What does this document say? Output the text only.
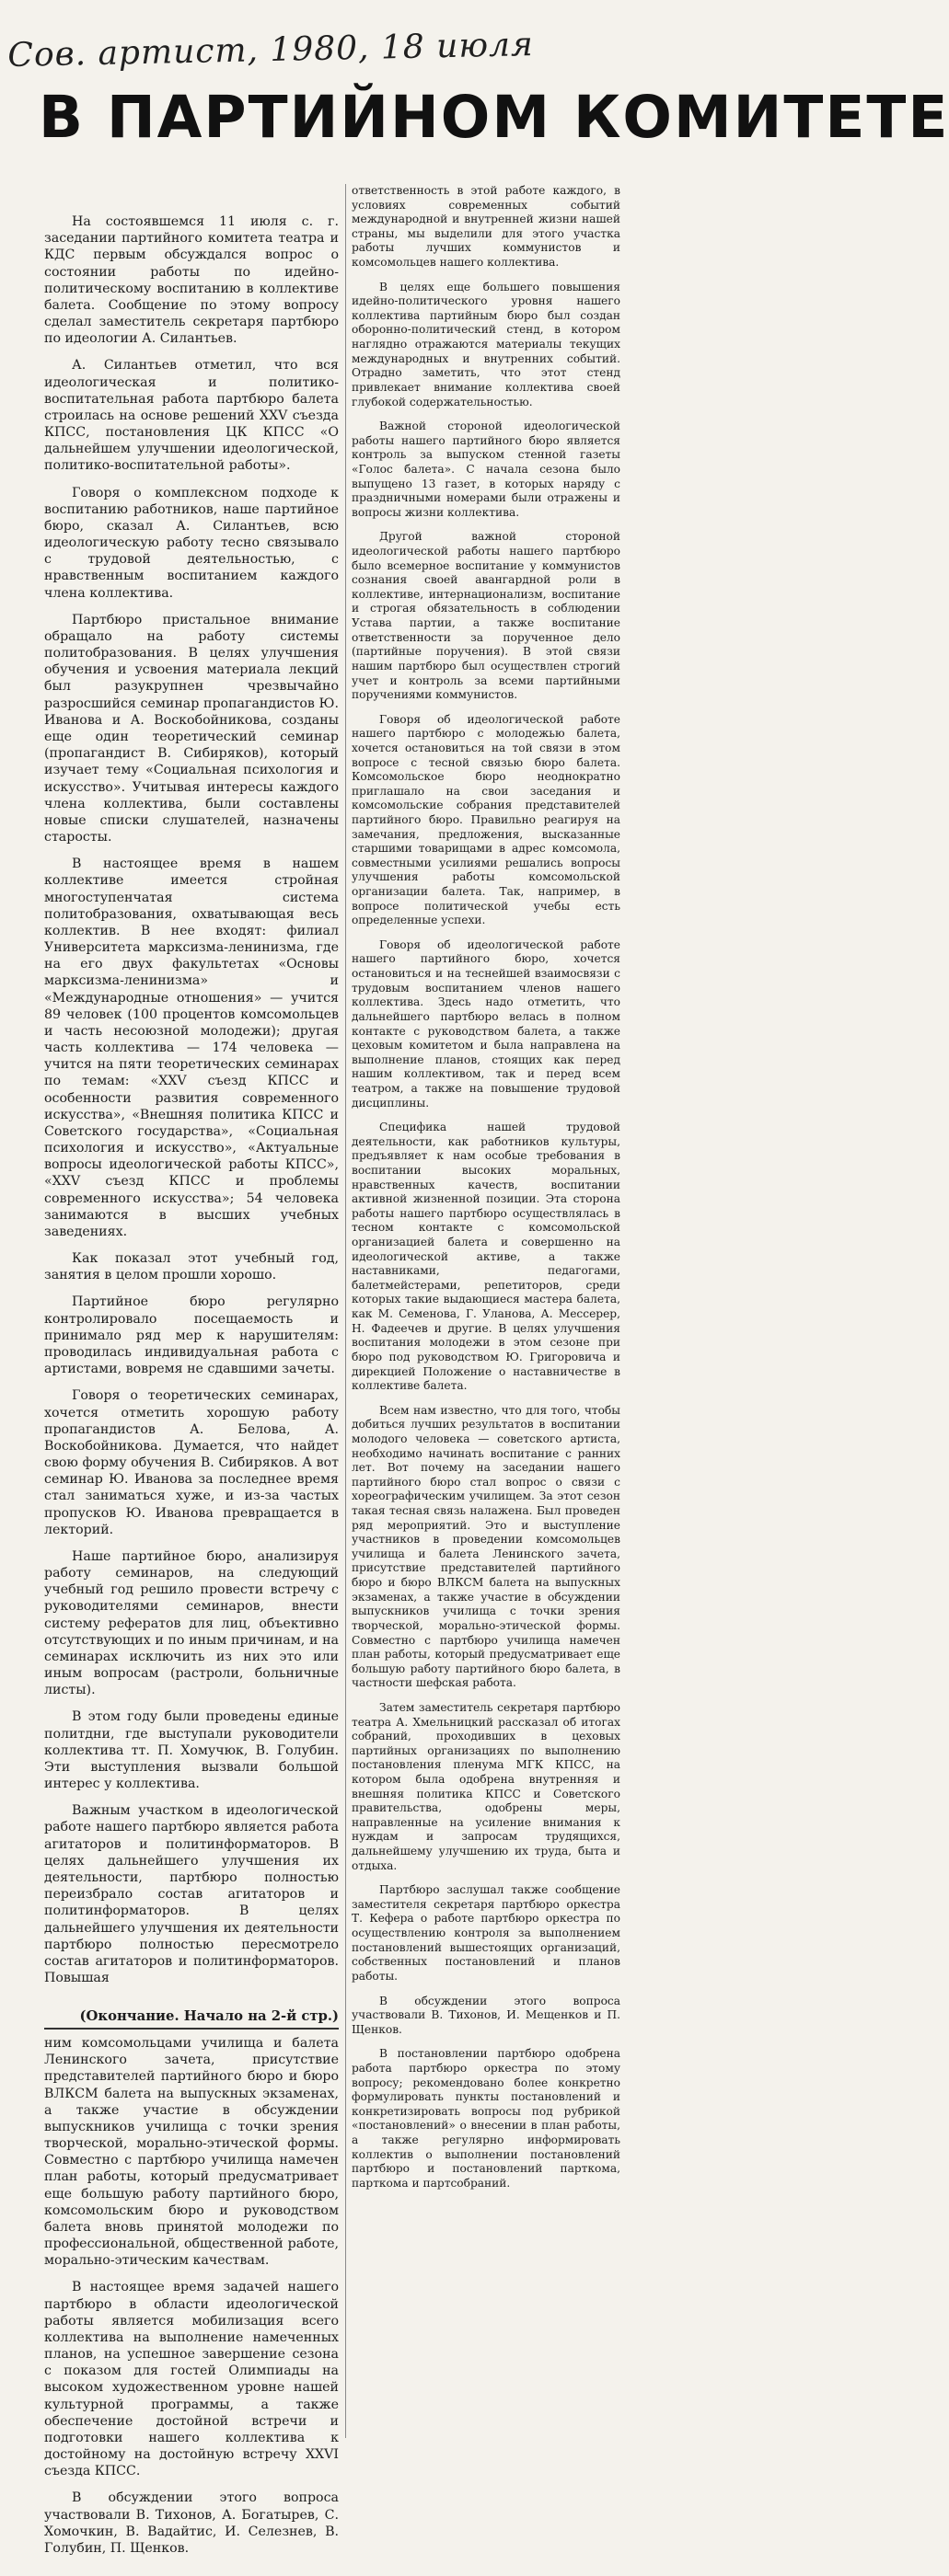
Сов. артист, 1980, 18 июля
В ПАРТИЙНОМ КОМИТЕТЕ

На состоявшемся 11 июля с. г. заседании партийного комитета театра и КДС первым обсуждался вопрос о состоянии работы по идейно-политическому воспитанию в коллективе балета. Сообщение по этому вопросу сделал заместитель секретаря партбюро по идеологии А. Силантьев.

А. Силантьев отметил, что вся идеологическая и политико-воспитательная работа партбюро балета строилась на основе решений XXV съезда КПСС, постановления ЦК КПСС «О дальнейшем улучшении идеологической, политико-воспитательной работы».

Говоря о комплексном подходе к воспитанию работников, наше партийное бюро, сказал А. Силантьев, всю идеологическую работу тесно связывало с трудовой деятельностью, с нравственным воспитанием каждого члена коллектива.

Партбюро пристальное внимание обращало на работу системы политобразования. В целях улучшения обучения и усвоения материала лекций был разукрупнен чрезвычайно разросшийся семинар пропагандистов Ю. Иванова и А. Воскобойникова, созданы еще один теоретический семинар (пропагандист В. Сибиряков), который изучает тему «Социальная психология и искусство». Учитывая интересы каждого члена коллектива, были составлены новые списки слушателей, назначены старосты.

В настоящее время в нашем коллективе имеется стройная многоступенчатая система политобразования, охватывающая весь коллектив. В нее входят: филиал Университета марксизма-ленинизма, где на его двух факультетах «Основы марксизма-ленинизма» и «Международные отношения» — учится 89 человек (100 процентов комсомольцев и часть несоюзной молодежи); другая часть коллектива — 174 человека — учится на пяти теоретических семинарах по темам: «XXV съезд КПСС и особенности развития современного искусства», «Внешняя политика КПСС и Советского государства», «Социальная психология и искусство», «Актуальные вопросы идеологической работы КПСС», «XXV съезд КПСС и проблемы современного искусства»; 54 человека занимаются в высших учебных заведениях.

Как показал этот учебный год, занятия в целом прошли хорошо.

Партийное бюро регулярно контролировало посещаемость и принимало ряд мер к нарушителям: проводилась индивидуальная работа с артистами, вовремя не сдавшими зачеты.

Говоря о теоретических семинарах, хочется отметить хорошую работу пропагандистов А. Белова, А. Воскобойникова. Думается, что найдет свою форму обучения В. Сибиряков. А вот семинар Ю. Иванова за последнее время стал заниматься хуже, и из-за частых пропусков Ю. Иванова превращается в лекторий.

Наше партийное бюро, анализируя работу семинаров, на следующий учебный год решило провести встречу с руководителями семинаров, внести систему рефератов для лиц, объективно отсутствующих и по иным причинам, и на семинарах исключить из них это или иным вопросам (растроли, больничные листы).

В этом году были проведены единые политдни, где выступали руководители коллектива тт. П. Хомучюк, В. Голубин. Эти выступления вызвали большой интерес у коллектива.

Важным участком в идеологической работе нашего партбюро является работа агитаторов и политинформаторов. В целях дальнейшего улучшения их деятельности, партбюро полностью переизбрало состав агитаторов и политинформаторов. В целях дальнейшего улучшения их деятельности партбюро полностью пересмотрело состав агитаторов и политинформаторов. Повышая

(Окончание. Начало на 2-й стр.)

ответственность в этой работе каждого, в условиях современных событий международной и внутренней жизни нашей страны, мы выделили для этого участка работы лучших коммунистов и комсомольцев нашего коллектива.

В целях еще большего повышения идейно-политического уровня нашего коллектива партийным бюро был создан оборонно-политический стенд, в котором наглядно отражаются материалы текущих международных и внутренних событий. Отрадно заметить, что этот стенд привлекает внимание коллектива своей глубокой содержательностью.

Важной стороной идеологической работы нашего партийного бюро является контроль за выпуском стенной газеты «Голос балета». С начала сезона было выпущено 13 газет, в которых наряду с праздничными номерами были отражены и вопросы жизни коллектива.

Другой важной стороной идеологической работы нашего партбюро было всемерное воспитание у коммунистов сознания своей авангардной роли в коллективе, интернационализм, воспитание и строгая обязательность в соблюдении Устава партии, а также воспитание ответственности за порученное дело (партийные поручения). В этой связи нашим партбюро был осуществлен строгий учет и контроль за всеми партийными поручениями коммунистов.

Говоря об идеологической работе нашего партбюро с молодежью балета, хочется остановиться на той связи в этом вопросе с тесной связью бюро балета. Комсомольское бюро неоднократно приглашало на свои заседания и комсомольские собрания представителей партийного бюро. Правильно реагируя на замечания, предложения, высказанные старшими товарищами в адрес комсомола, совместными усилиями решались вопросы улучшения работы комсомольской организации балета. Так, например, в вопросе политической учебы есть определенные успехи.

Говоря об идеологической работе нашего партийного бюро, хочется остановиться и на теснейшей взаимосвязи с трудовым воспитанием членов нашего коллектива. Здесь надо отметить, что дальнейшего партбюро велась в полном контакте с руководством балета, а также цеховым комитетом и была направлена на выполнение планов, стоящих как перед нашим коллективом, так и перед всем театром, а также на повышение трудовой дисциплины.

Специфика нашей трудовой деятельности, как работников культуры, предъявляет к нам особые требования в воспитании высоких моральных, нравственных качеств, воспитании активной жизненной позиции. Эта сторона работы нашего партбюро осуществлялась в тесном контакте с комсомольской организацией балета и совершенно на идеологической активе, а также наставниками, педагогами, балетмейстерами, репетиторов, среди которых такие выдающиеся мастера балета, как М. Семенова, Г. Уланова, А. Мессерер, Н. Фадеечев и другие. В целях улучшения воспитания молодежи в этом сезоне при бюро под руководством Ю. Григоровича и дирекцией Положение о наставничестве в коллективе балета.

Всем нам известно, что для того, чтобы добиться лучших результатов в воспитании молодого человека — советского артиста, необходимо начинать воспитание с ранних лет. Вот почему на заседании нашего партийного бюро стал вопрос о связи с хореографическим училищем. За этот сезон такая тесная связь налажена. Был проведен ряд мероприятий. Это и выступление участников в проведении комсомольцев училища и балета Ленинского зачета, присутствие представителей партийного бюро и бюро ВЛКСМ балета на выпускных экзаменах, а также участие в обсуждении выпускников училища с точки зрения творческой, морально-этической формы. Совместно с партбюро училища намечен план работы, который предусматривает еще большую работу партийного бюро балета, в частности шефская работа.

Затем заместитель секретаря партбюро театра А. Хмельницкий рассказал об итогах собраний, проходивших в цеховых партийных организациях по выполнению постановления пленума МГК КПСС, на котором была одобрена внутренняя и внешняя политика КПСС и Советского правительства, одобрены меры, направленные на усиление внимания к нуждам и запросам трудящихся, дальнейшему улучшению их труда, быта и отдыха.

Партбюро заслушал также сообщение заместителя секретаря партбюро оркестра Т. Кефера о работе партбюро оркестра по осуществлению контроля за выполнением постановлений вышестоящих организаций, собственных постановлений и планов работы.

В обсуждении этого вопроса участвовали В. Тихонов, И. Мещенков и П. Щенков.

В постановлении партбюро одобрена работа партбюро оркестра по этому вопросу; рекомендовано более конкретно формулировать пункты постановлений и конкретизировать вопросы под рубрикой «постановлений» о внесении в план работы, а также регулярно информировать коллектив о выполнении постановлений партбюро и постановлений парткома, парткома и партсобраний.

ним комсомольцами училища и балета Ленинского зачета, присутствие представителей партийного бюро и бюро ВЛКСМ балета на выпускных экзаменах, а также участие в обсуждении выпускников училища с точки зрения творческой, морально-этической формы. Совместно с партбюро училища намечен план работы, который предусматривает еще большую работу партийного бюро, комсомольским бюро и руководством балета вновь принятой молодежи по профессиональной, общественной работе, морально-этическим качествам.

В настоящее время задачей нашего партбюро в области идеологической работы является мобилизация всего коллектива на выполнение намеченных планов, на успешное завершение сезона с показом для гостей Олимпиады на высоком художественном уровне нашей культурной программы, а также обеспечение достойной встречи и подготовки нашего коллектива к достойному на достойную встречу XXVI съезда КПСС.

В обсуждении этого вопроса участвовали В. Тихонов, А. Богатырев, С. Хомочкин, В. Вадайтис, И. Селезнев, В. Голубин, П. Щенков.
